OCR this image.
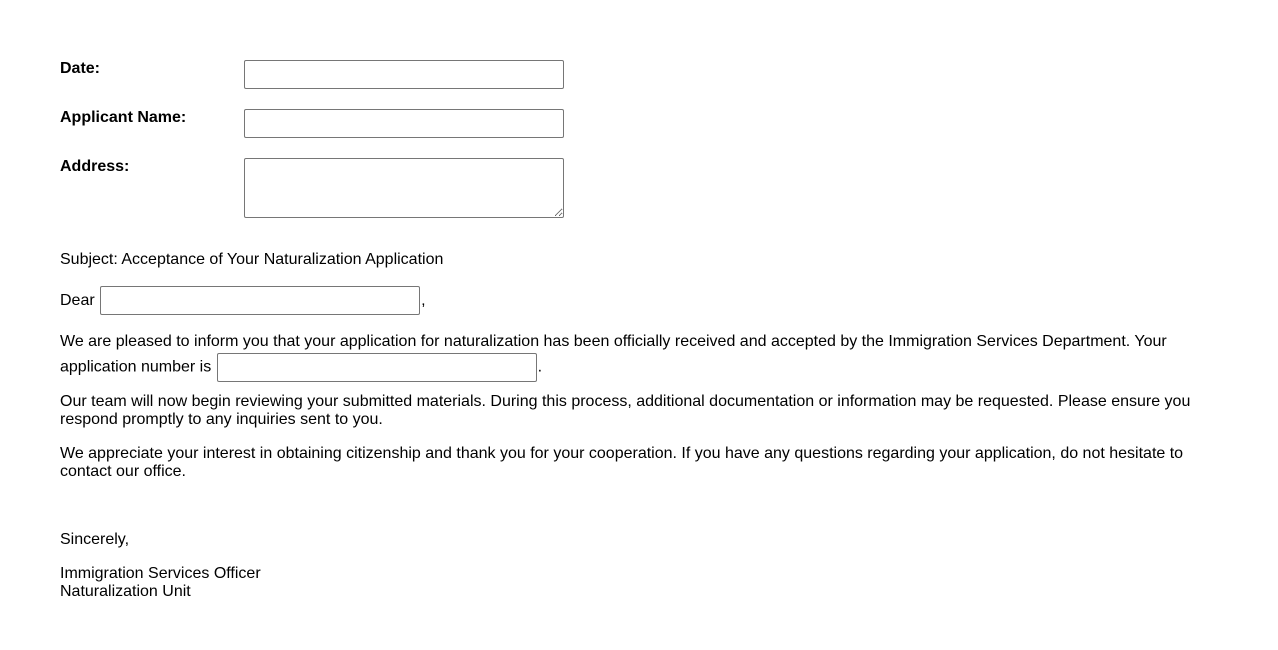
Date:
Applicant Name:
Address:
Subject: Acceptance of Your Naturalization Application
Dear	,
We are pleased to inform you that your application for naturalization has been officially received and accepted by the Immigration Services Department. Your application number is	.
Our team will now begin reviewing your submitted materials. During this process, additional documentation or information may be requested. Please ensure you respond promptly to any inquiries sent to you.
We appreciate your interest in obtaining citizenship and thank you for your cooperation. If you have any questions regarding your application, do not hesitate to contact our office.
Sincerely,
Immigration Services Officer
Naturalization Unit
